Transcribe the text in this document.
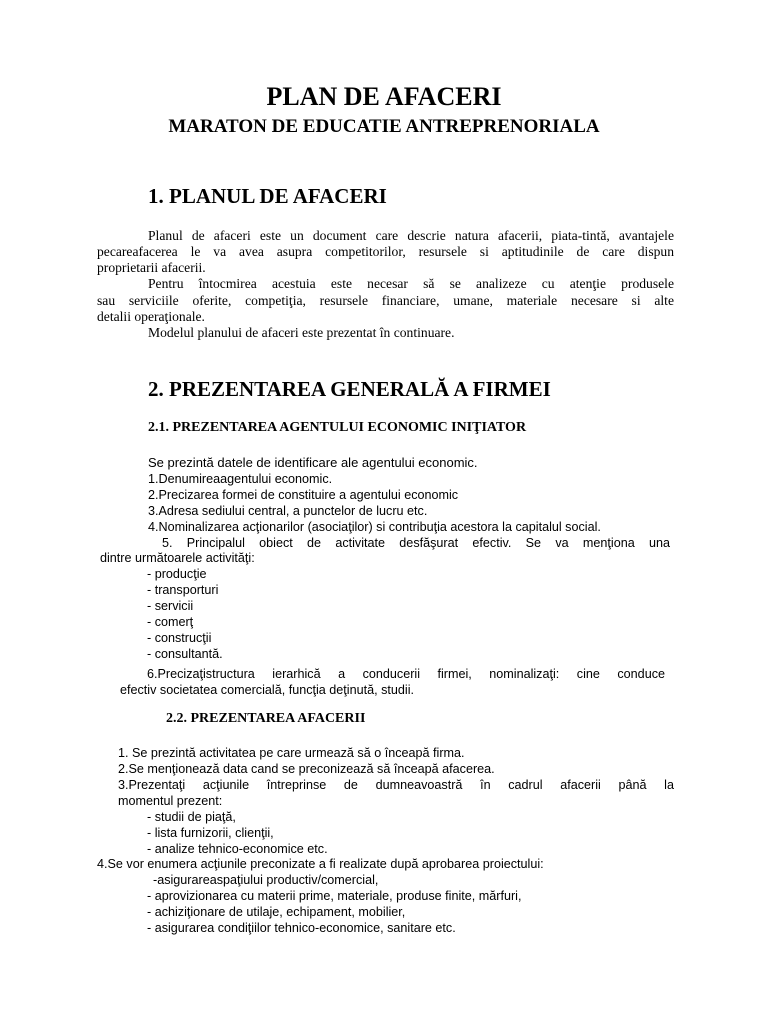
PLAN DE AFACERI
MARATON DE EDUCATIE ANTREPRENORIALA
1. PLANUL DE AFACERI
Planul de afaceri este un document care descrie natura afacerii, piata-tintă, avantajele
pecareafacerea le va avea asupra competitorilor, resursele si aptitudinile de care dispun
proprietarii afacerii.
Pentru întocmirea acestuia este necesar să se analizeze cu atenţie produsele
sau serviciile oferite, competiţia, resursele financiare, umane, materiale necesare si alte
detalii operaţionale.
Modelul planului de afaceri este prezentat în continuare.
2. PREZENTAREA GENERALĂ A FIRMEI
2.1. PREZENTAREA AGENTULUI ECONOMIC INIŢIATOR
Se prezintă datele de identificare ale agentului economic.
1.Denumireaagentului economic.
2.Precizarea formei de constituire a agentului economic
3.Adresa sediului central, a punctelor de lucru etc.
4.Nominalizarea acţionarilor (asociaţilor) si contribuţia acestora la capitalul social.
5. Principalul obiect de activitate desfăşurat efectiv. Se va menţiona una
dintre următoarele activităţi:
- producţie
- transporturi
- servicii
- comerţ
- construcţii
- consultantă.
6.Precizaţistructura ierarhică a conducerii firmei, nominalizaţi: cine conduce
efectiv societatea comercială, funcţia deţinută, studii.
2.2. PREZENTAREA AFACERII
1. Se prezintă activitatea pe care urmează să o înceapă firma.
2.Se menţionează data cand se preconizează să înceapă afacerea.
3.Prezentaţi acţiunile întreprinse de dumneavoastră în cadrul afacerii până la
momentul prezent:
- studii de piaţă,
- lista furnizorii, clienţii,
- analize tehnico-economice etc.
4.Se vor enumera acţiunile preconizate a fi realizate după aprobarea proiectului:
-asigurareaspaţiului productiv/comercial,
- aprovizionarea cu materii prime, materiale, produse finite, mărfuri,
- achiziţionare de utilaje, echipament, mobilier,
- asigurarea condiţiilor tehnico-economice, sanitare etc.
